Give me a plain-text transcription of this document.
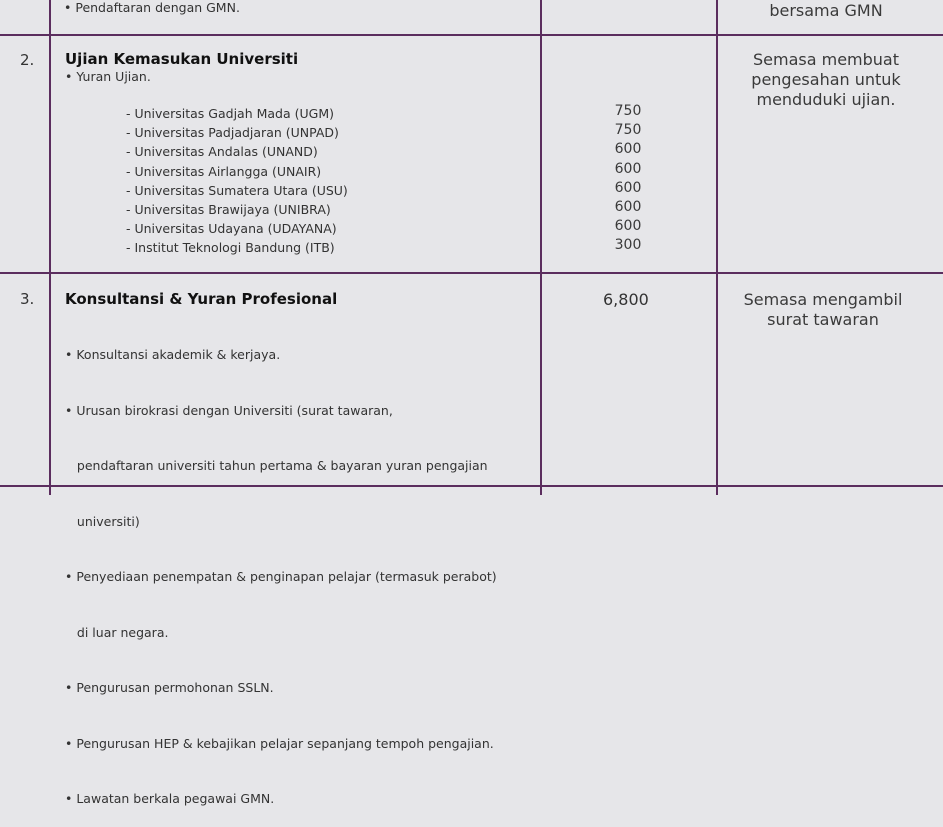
• Pendaftaran dengan GMN.	bersama GMN
2. Ujian Kemasukan Universiti
• Yuran Ujian.
- Universitas Gadjah Mada (UGM)
- Universitas Padjadjaran (UNPAD)
- Universitas Andalas (UNAND)
- Universitas Airlangga (UNAIR)
- Universitas Sumatera Utara (USU)
- Universitas Brawijaya (UNIBRA)
- Universitas Udayana (UDAYANA)
- Institut Teknologi Bandung (ITB)
750
750
600
600
600
600
600
300
Semasa membuat
pengesahan untuk
menduduki ujian.
3. Konsultansi & Yuran Profesional	6,800

• Konsultansi akademik & kerjaya.

• Urusan birokrasi dengan Universiti (surat tawaran,

pendaftaran universiti tahun pertama & bayaran yuran pengajian

universiti)

• Penyediaan penempatan & penginapan pelajar (termasuk perabot)

di luar negara.

• Pengurusan permohonan SSLN.

• Pengurusan HEP & kebajikan pelajar sepanjang tempoh pengajian.

• Lawatan berkala pegawai GMN.

Semasa mengambil
surat tawaran
